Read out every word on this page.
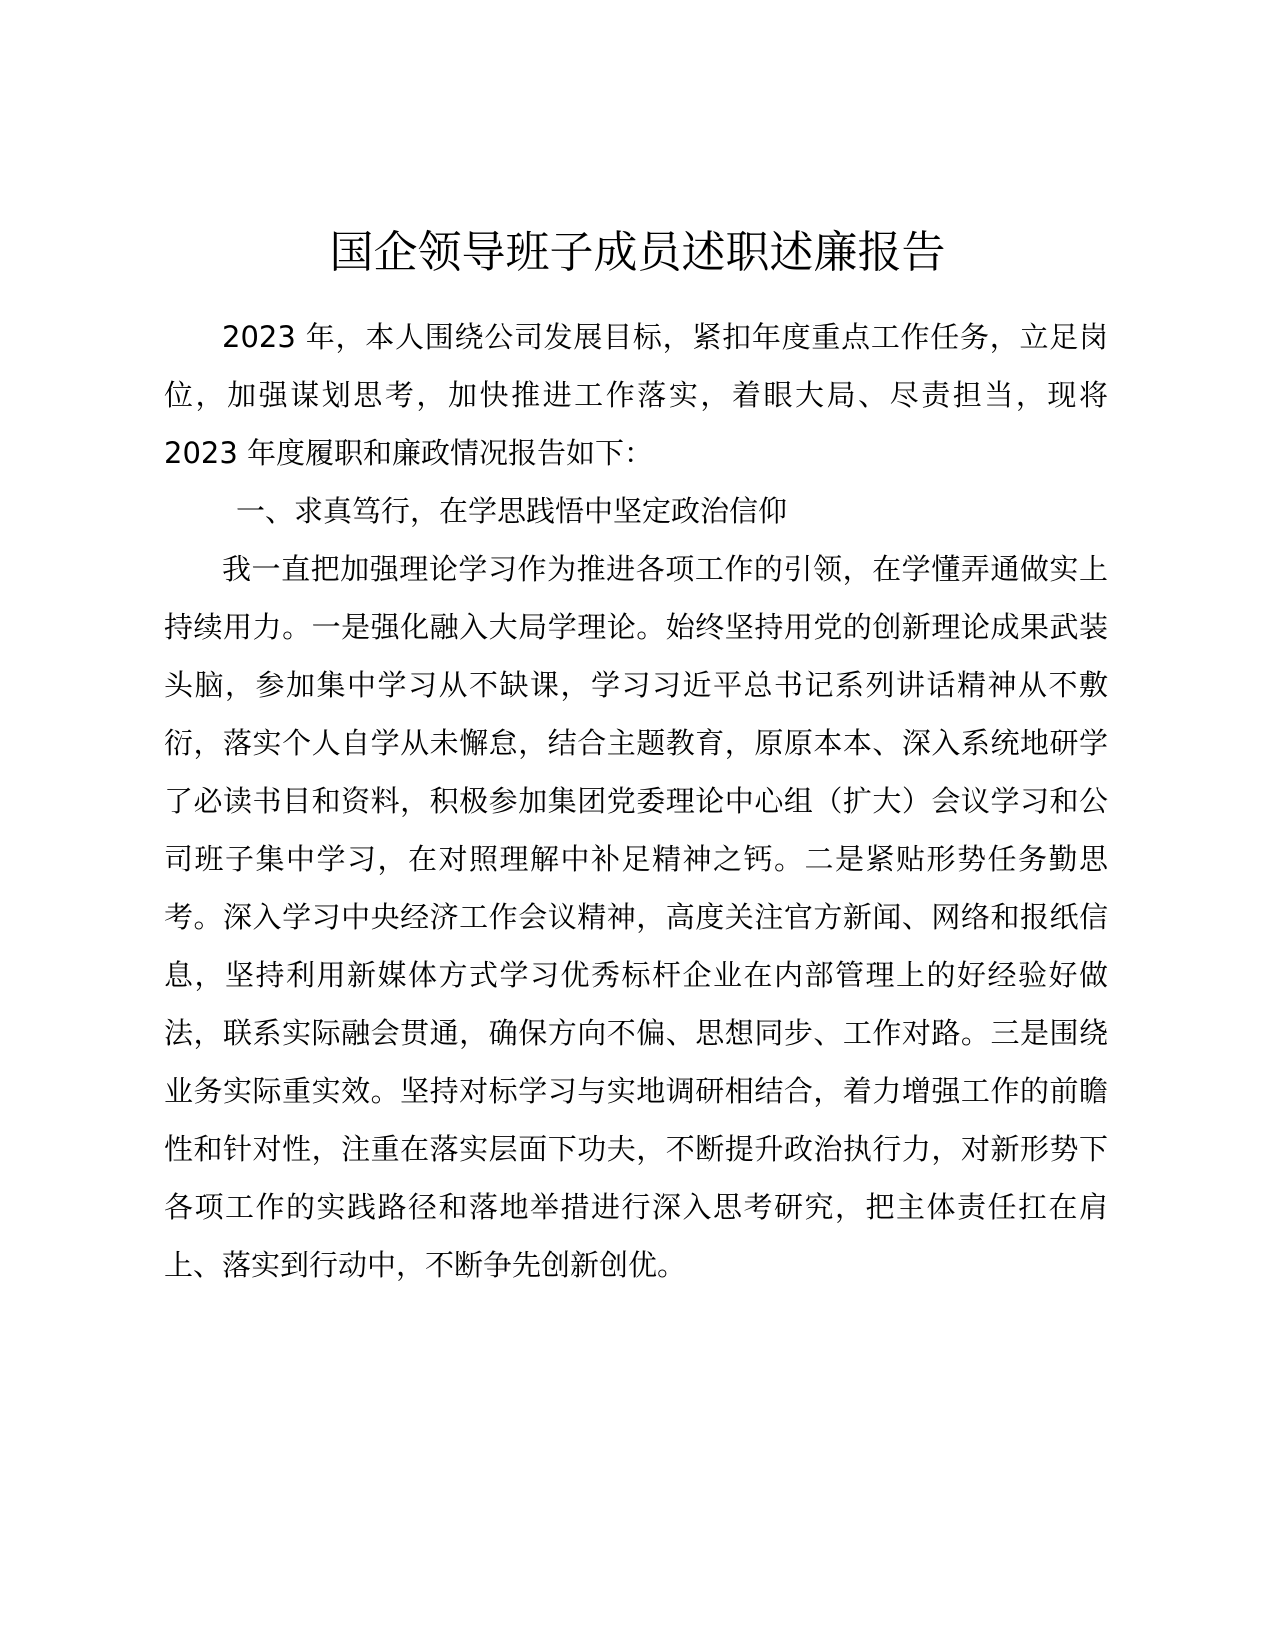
国企领导班子成员述职述廉报告

2023 年，本人围绕公司发展目标，紧扣年度重点工作任务，立足岗位，加强谋划思考，加快推进工作落实，着眼大局、尽责担当，现将 2023 年度履职和廉政情况报告如下：

一、求真笃行，在学思践悟中坚定政治信仰

我一直把加强理论学习作为推进各项工作的引领，在学懂弄通做实上持续用力。一是强化融入大局学理论。始终坚持用党的创新理论成果武装头脑，参加集中学习从不缺课，学习习近平总书记系列讲话精神从不敷衍，落实个人自学从未懈怠，结合主题教育，原原本本、深入系统地研学了必读书目和资料，积极参加集团党委理论中心组（扩大）会议学习和公司班子集中学习，在对照理解中补足精神之钙。二是紧贴形势任务勤思考。深入学习中央经济工作会议精神，高度关注官方新闻、网络和报纸信息，坚持利用新媒体方式学习优秀标杆企业在内部管理上的好经验好做法，联系实际融会贯通，确保方向不偏、思想同步、工作对路。三是围绕业务实际重实效。坚持对标学习与实地调研相结合，着力增强工作的前瞻性和针对性，注重在落实层面下功夫，不断提升政治执行力，对新形势下各项工作的实践路径和落地举措进行深入思考研究，把主体责任扛在肩上、落实到行动中，不断争先创新创优。
